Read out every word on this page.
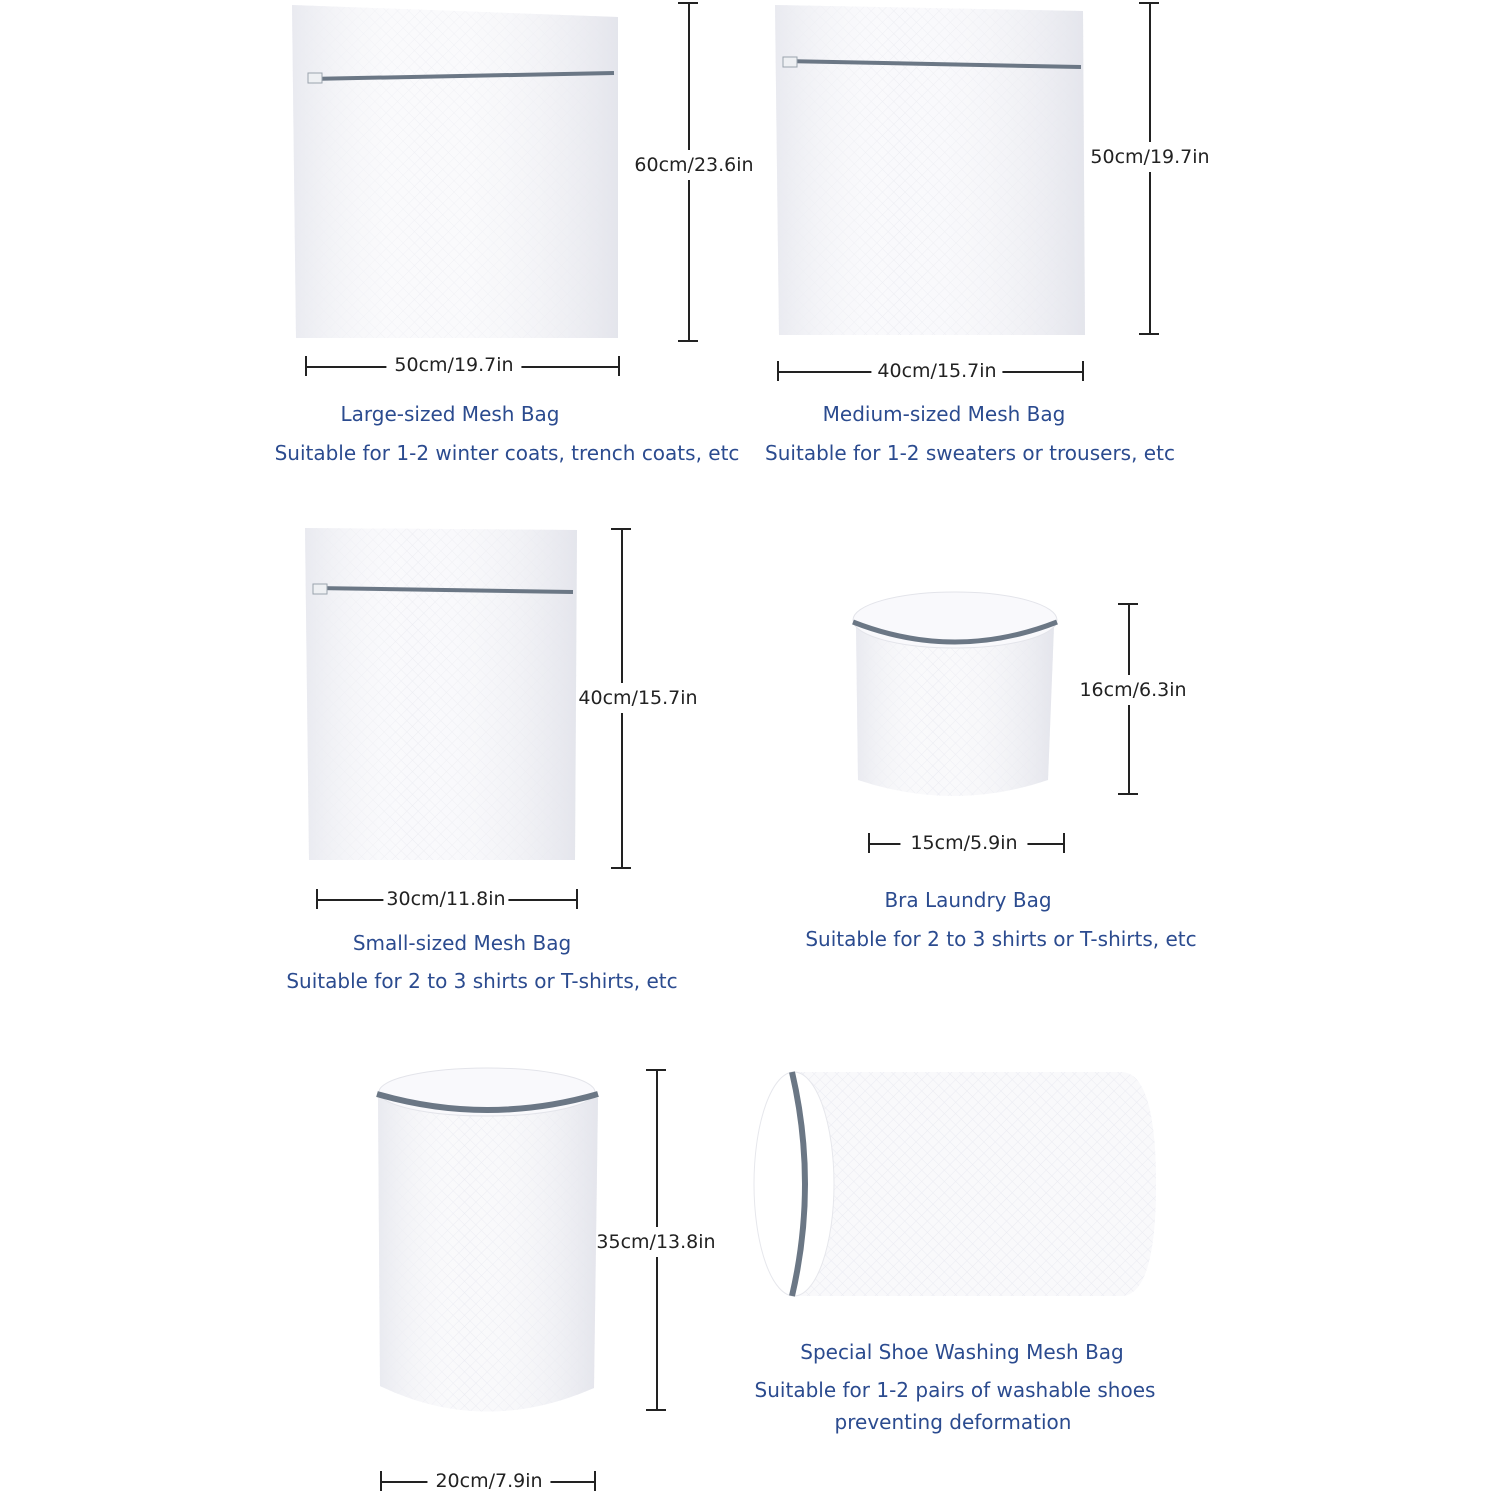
60cm/23.6in
50cm/19.7in
Large-sized Mesh Bag
Suitable for 1-2 winter coats, trench coats, etc
50cm/19.7in
40cm/15.7in
Medium-sized Mesh Bag
Suitable for 1-2 sweaters or trousers, etc
40cm/15.7in
30cm/11.8in
Small-sized Mesh Bag
Suitable for 2 to 3 shirts or T-shirts, etc
16cm/6.3in
15cm/5.9in
Bra Laundry Bag
Suitable for 2 to 3 shirts or T-shirts, etc
35cm/13.8in
20cm/7.9in
Special Shoe Washing Mesh Bag
Suitable for 1-2 pairs of washable shoes
preventing deformation
